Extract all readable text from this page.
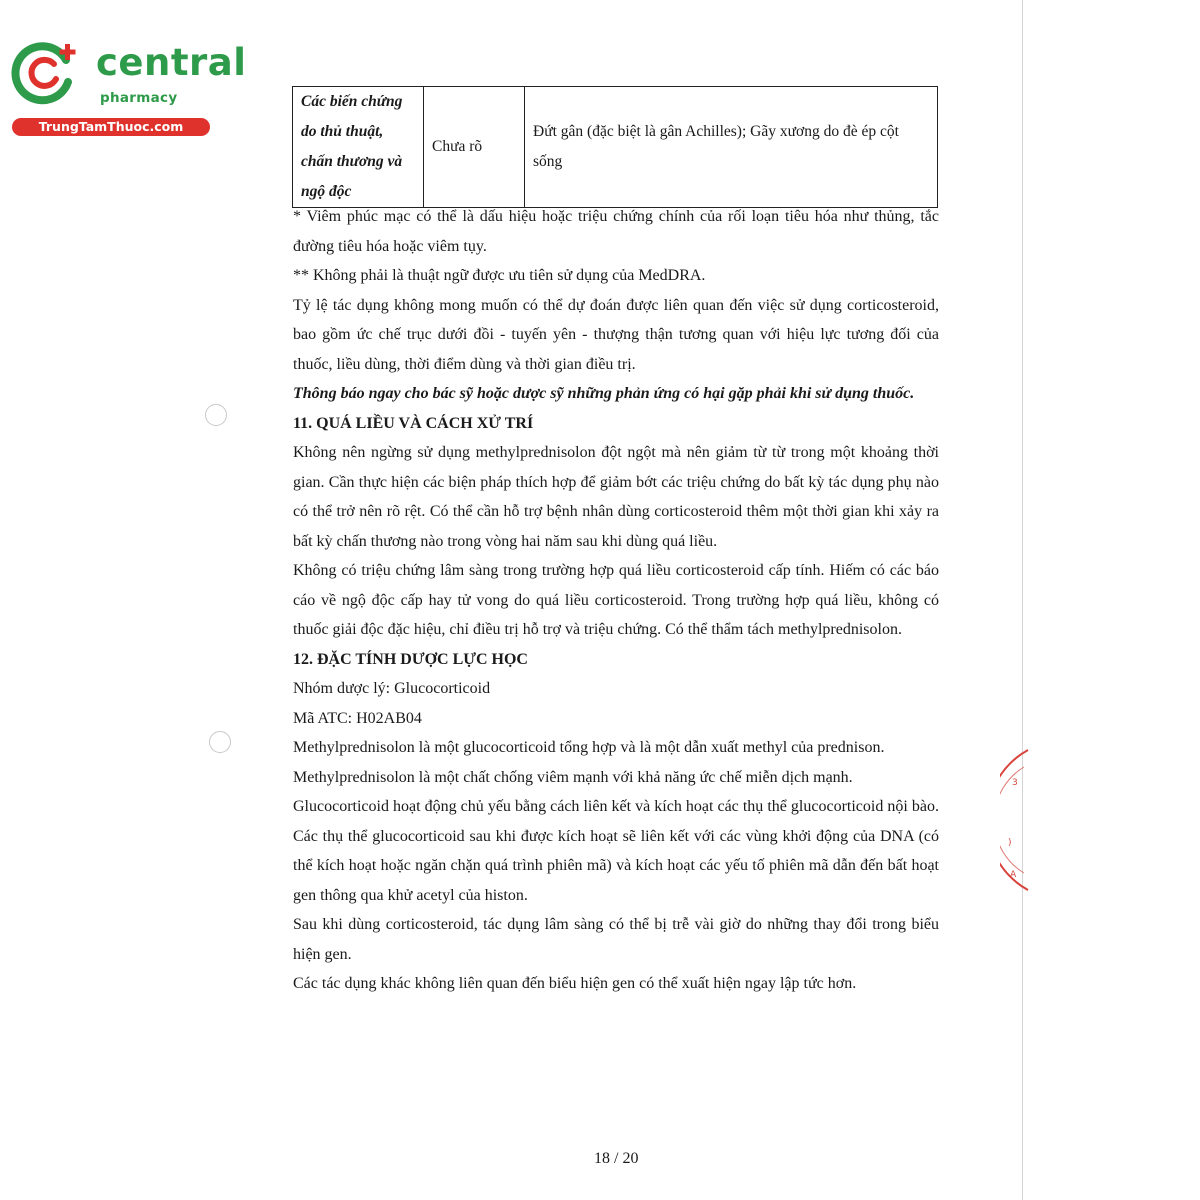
central
pharmacy
TrungTamThuoc.com
3
)
A
Các biến chứng do thủ thuật, chấn thương và ngộ độc	Chưa rõ	Đứt gân (đặc biệt là gân Achilles); Gãy xương do đè ép cột sống

* Viêm phúc mạc có thể là dấu hiệu hoặc triệu chứng chính của rối loạn tiêu hóa như thủng, tắc đường tiêu hóa hoặc viêm tụy.

** Không phải là thuật ngữ được ưu tiên sử dụng của MedDRA.

Tỷ lệ tác dụng không mong muốn có thể dự đoán được liên quan đến việc sử dụng corticosteroid, bao gồm ức chế trục dưới đồi - tuyến yên - thượng thận tương quan với hiệu lực tương đối của thuốc, liều dùng, thời điểm dùng và thời gian điều trị.

Thông báo ngay cho bác sỹ hoặc dược sỹ những phản ứng có hại gặp phải khi sử dụng thuốc.

11. QUÁ LIỀU VÀ CÁCH XỬ TRÍ

Không nên ngừng sử dụng methylprednisolon đột ngột mà nên giảm từ từ trong một khoảng thời gian. Cần thực hiện các biện pháp thích hợp để giảm bớt các triệu chứng do bất kỳ tác dụng phụ nào có thể trở nên rõ rệt. Có thể cần hỗ trợ bệnh nhân dùng corticosteroid thêm một thời gian khi xảy ra bất kỳ chấn thương nào trong vòng hai năm sau khi dùng quá liều.

Không có triệu chứng lâm sàng trong trường hợp quá liều corticosteroid cấp tính. Hiếm có các báo cáo về ngộ độc cấp hay tử vong do quá liều corticosteroid. Trong trường hợp quá liều, không có thuốc giải độc đặc hiệu, chỉ điều trị hỗ trợ và triệu chứng. Có thể thẩm tách methylprednisolon.

12. ĐẶC TÍNH DƯỢC LỰC HỌC

Nhóm dược lý: Glucocorticoid

Mã ATC: H02AB04

Methylprednisolon là một glucocorticoid tổng hợp và là một dẫn xuất methyl của prednison.

Methylprednisolon là một chất chống viêm mạnh với khả năng ức chế miễn dịch mạnh.

Glucocorticoid hoạt động chủ yếu bằng cách liên kết và kích hoạt các thụ thể glucocorticoid nội bào. Các thụ thể glucocorticoid sau khi được kích hoạt sẽ liên kết với các vùng khởi động của DNA (có thể kích hoạt hoặc ngăn chặn quá trình phiên mã) và kích hoạt các yếu tố phiên mã dẫn đến bất hoạt gen thông qua khử acetyl của histon.

Sau khi dùng corticosteroid, tác dụng lâm sàng có thể bị trễ vài giờ do những thay đổi trong biểu hiện gen.

Các tác dụng khác không liên quan đến biểu hiện gen có thể xuất hiện ngay lập tức hơn.

18 / 20
